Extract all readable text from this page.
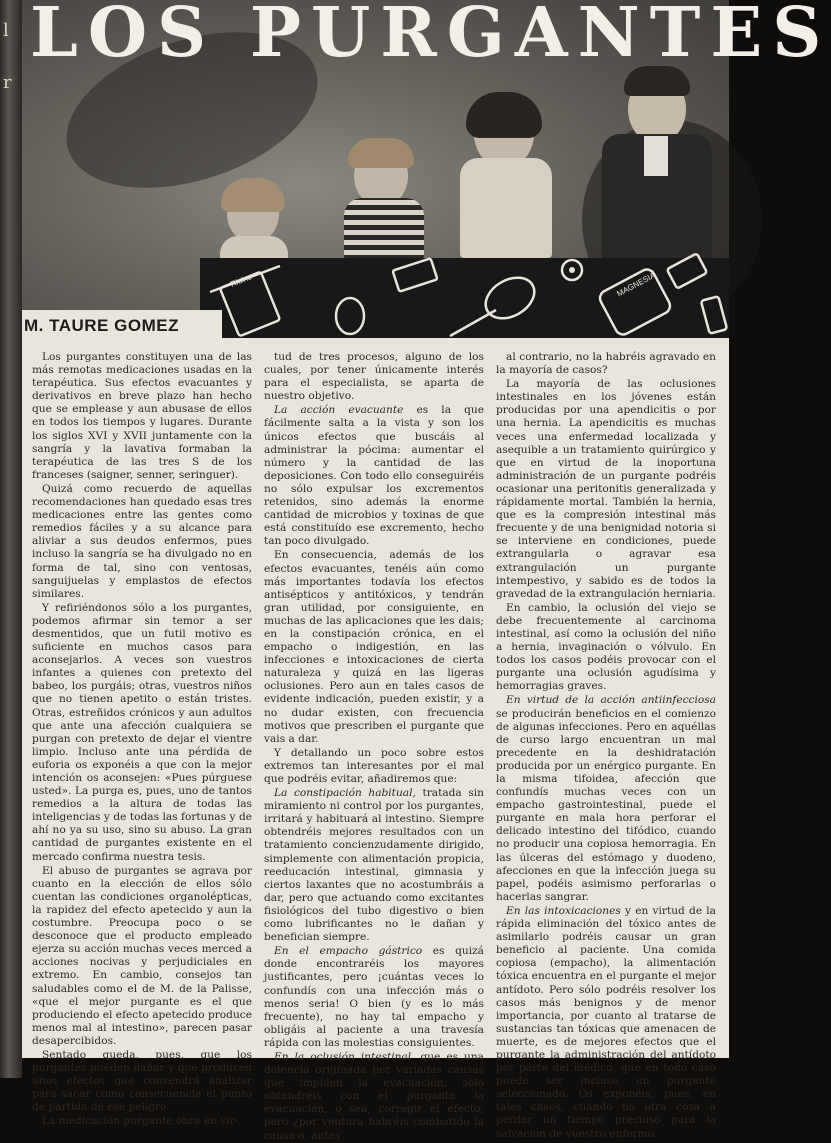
l
r
LOS PURGANTES
Ricino	MAGNESIA
M. TAURE GOMEZ

Los purgantes constituyen una de las más remotas medicaciones usadas en la terapéutica. Sus efectos evacuantes y derivativos en breve plazo han hecho que se emplease y aun abusase de ellos en todos los tiempos y lugares. Durante los siglos XVI y XVII juntamente con la sangría y la lavativa formaban la terapéutica de las tres S de los franceses (saigner, senner, seringuer).

Quizá como recuerdo de aquellas recomendaciones han quedado esas tres medicaciones entre las gentes como remedios fáciles y a su alcance para aliviar a sus deudos enfermos, pues incluso la sangría se ha divulgado no en forma de tal, sino con ventosas, sanguijuelas y emplastos de efectos similares.

Y refiriéndonos sólo a los purgantes, podemos afirmar sin temor a ser desmentidos, que un futil motivo es suficiente en muchos casos para aconsejarlos. A veces son vuestros infantes a quienes con pretexto del babeo, los purgáis; otras, vuestros niños que no tienen apetito o están tristes. Otras, estreñidos crónicos y aun adultos que ante una afección cualquiera se purgan con pretexto de dejar el vientre limpio. Incluso ante una pérdida de euforia os exponéis a que con la mejor intención os aconsejen: «Pues púrguese usted». La purga es, pues, uno de tantos remedios a la altura de todas las inteligencias y de todas las fortunas y de ahí no ya su uso, sino su abuso. La gran cantidad de purgantes existente en el mercado confirma nuestra tesis.

El abuso de purgantes se agrava por cuanto en la elección de ellos sólo cuentan las condiciones organolépticas, la rapidez del efecto apetecido y aun la costumbre. Preocupa poco o se desconoce que el producto empleado ejerza su acción muchas veces merced a acciones nocivas y perjudiciales en extremo. En cambio, consejos tan saludables como el de M. de la Palisse, «que el mejor purgante es el que produciendo el efecto apetecido produce menos mal al intestino», parecen pasar desapercibidos.

Sentado queda, pues, que los purgantes pueden dañar y que producen unos efectos que convendrá analizar para sacar como consecuencia el punto de partida de ese peligro.

La medicación purgante obra en vir-

tud de tres procesos, alguno de los cuales, por tener únicamente interés para el especialista, se aparta de nuestro objetivo.

La acción evacuante es la que fácilmente salta a la vista y son los únicos efectos que buscáis al administrar la pócima: aumentar el número y la cantidad de las deposiciones. Con todo ello conseguiréis no sólo expulsar los excrementos retenidos, sino además la enorme cantidad de microbios y toxinas de que está constituído ese excremento, hecho tan poco divulgado.

En consecuencia, además de los efectos evacuantes, tenéis aún como más importantes todavía los efectos antisépticos y antitóxicos, y tendrán gran utilidad, por consiguiente, en muchas de las aplicaciones que les dais; en la constipación crónica, en el empacho o indigestión, en las infecciones e intoxicaciones de cierta naturaleza y quizá en las ligeras oclusiones. Pero aun en tales casos de evidente indicación, pueden existir, y a no dudar existen, con frecuencia motivos que prescriben el purgante que vais a dar.

Y detallando un poco sobre estos extremos tan interesantes por el mal que podréis evitar, añadiremos que:

La constipación habitual, tratada sin miramiento ni control por los purgantes, irritará y habituará al intestino. Siempre obtendréis mejores resultados con un tratamiento concienzudamente dirigido, simplemente con alimentación propicia, reeducación intestinal, gimnasia y ciertos laxantes que no acostumbráis a dar, pero que actuando como excitantes fisiológicos del tubo digestivo o bien como lubrificantes no le dañan y benefician siempre.

En el empacho gástrico es quizá donde encontraréis los mayores justificantes, pero ¡cuántas veces lo confundís con una infección más o menos seria! O bien (y es lo más frecuente), no hay tal empacho y obligáis al paciente a una travesía rápida con las molestias consiguientes.

En la oclusión intestinal, que es una dolencia originada por variadas causas que impiden la evacuación, sólo obtendréis con el purgante la evacuación, o sea, corregir el efecto; pero ¿por ventura habréis combatido la causa o, antes

al contrario, no la habréis agravado en la mayoría de casos?

La mayoría de las oclusiones intestinales en los jóvenes están producidas por una apendicitis o por una hernia. La apendicitis es muchas veces una enfermedad localizada y asequible a un tratamiento quirúrgico y que en virtud de la inoportuna administración de un purgante podréis ocasionar una peritonitis generalizada y rápidamente mortal. También la hernia, que es la compresión intestinal más frecuente y de una benignidad notoria si se interviene en condiciones, puede extrangularla o agravar esa extrangulación un purgante intempestivo, y sabido es de todos la gravedad de la extrangulación herniaria.

En cambio, la oclusión del viejo se debe frecuentemente al carcinoma intestinal, así como la oclusión del niño a hernia, invaginación o vólvulo. En todos los casos podéis provocar con el purgante una oclusión agudísima y hemorragias graves.

En virtud de la acción antiinfecciosa se producirán beneficios en el comienzo de algunas infecciones. Pero en aquéllas de curso largo encuentran un mal precedente en la deshidratación producida por un enérgico purgante. En la misma tifoidea, afección que confundís muchas veces con un empacho gastrointestinal, puede el purgante en mala hora perforar el delicado intestino del tifódico, cuando no producir una copiosa hemorragia. En las úlceras del estómago y duodeno, afecciones en que la infección juega su papel, podéis asimismo perforarlas o hacerlas sangrar.

En las intoxicaciones y en virtud de la rápida eliminación del tóxico antes de asimilarlo podréis causar un gran beneficio al paciente. Una comida copiosa (empacho), la alimentación tóxica encuentra en el purgante el mejor antídoto. Pero sólo podréis resolver los casos más benignos y de menor importancia, por cuanto al tratarse de sustancias tan tóxicas que amenacen de muerte, es de mejores efectos que el purgante la administración del antídoto por parte del médico, que en todo caso puede ser incluso un purgante seleccionado. Os exponéis, pues, en tales casos, cuando no otra cosa a perder un tiempo precioso para la salvación de vuestro enfermo.
